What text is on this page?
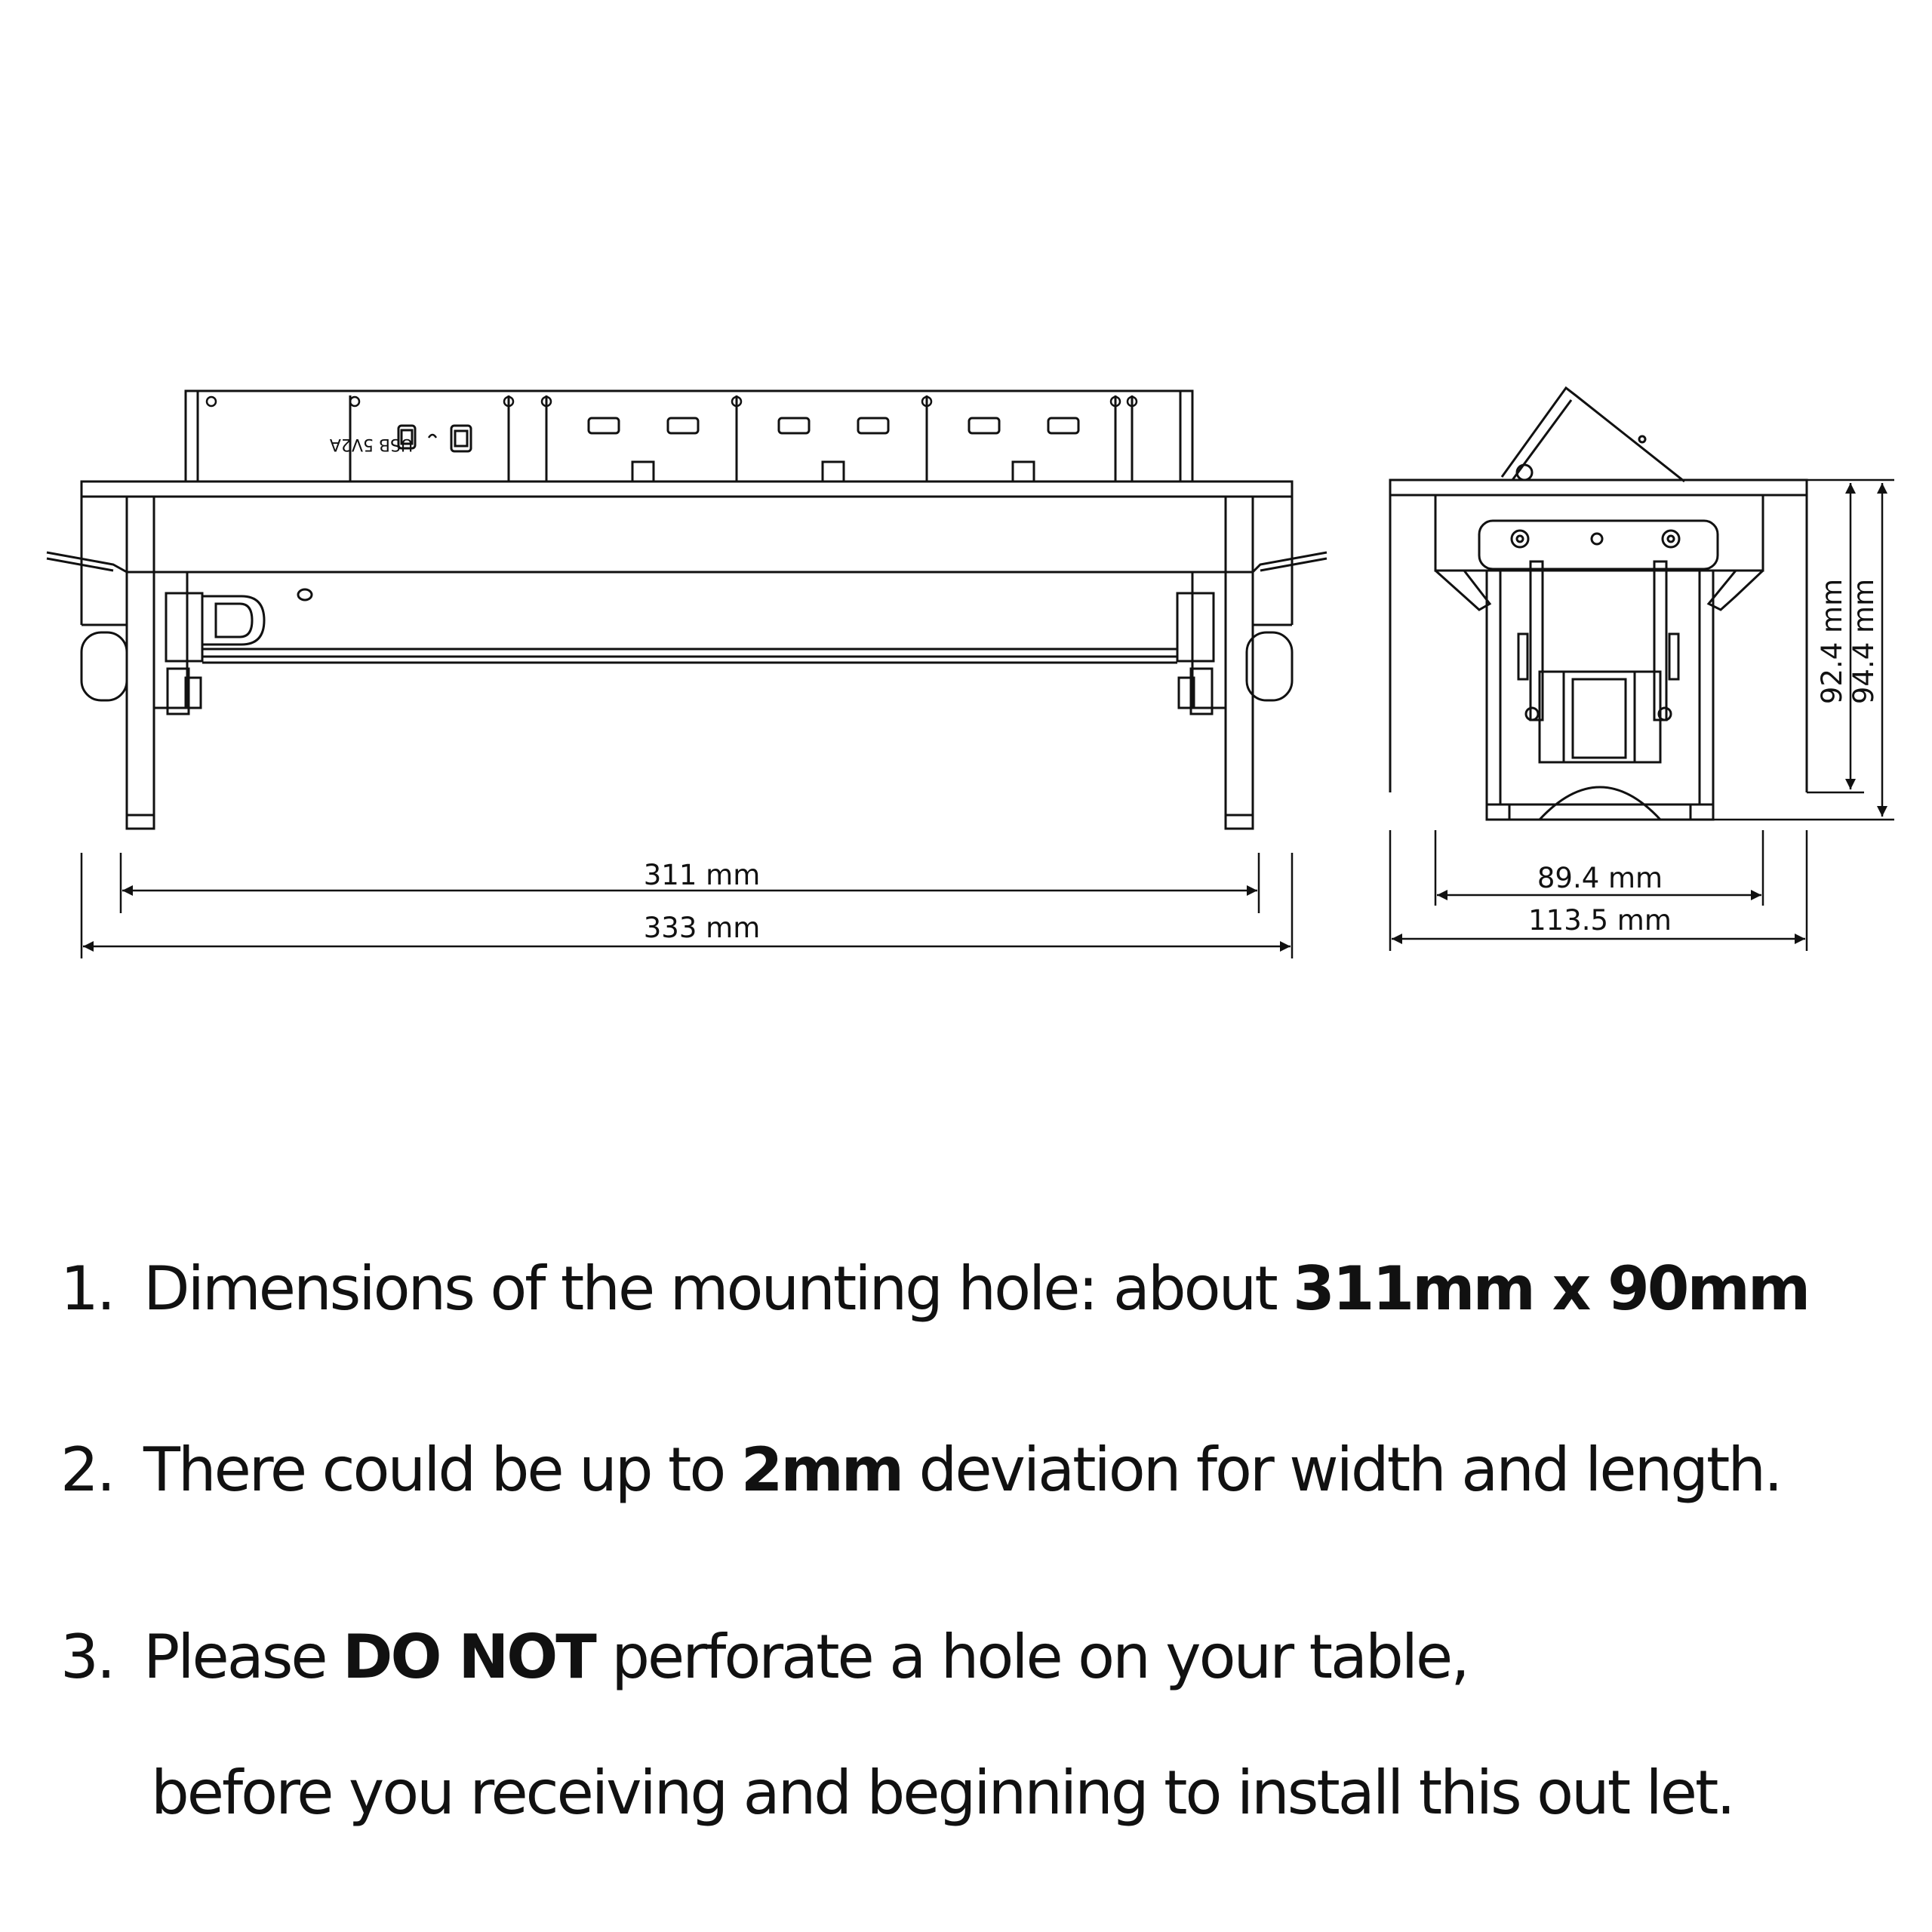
311 mm
333 mm
USB 5V2A
89.4 mm
113.5 mm
92.4 mm 94.4 mm
1. Dimensions of the mounting hole: about 311mm x 90mm
2. There could be up to 2mm deviation for width and length.
3. Please DO NOT perforate a hole on your table,
before you receiving and beginning to install this out let.
